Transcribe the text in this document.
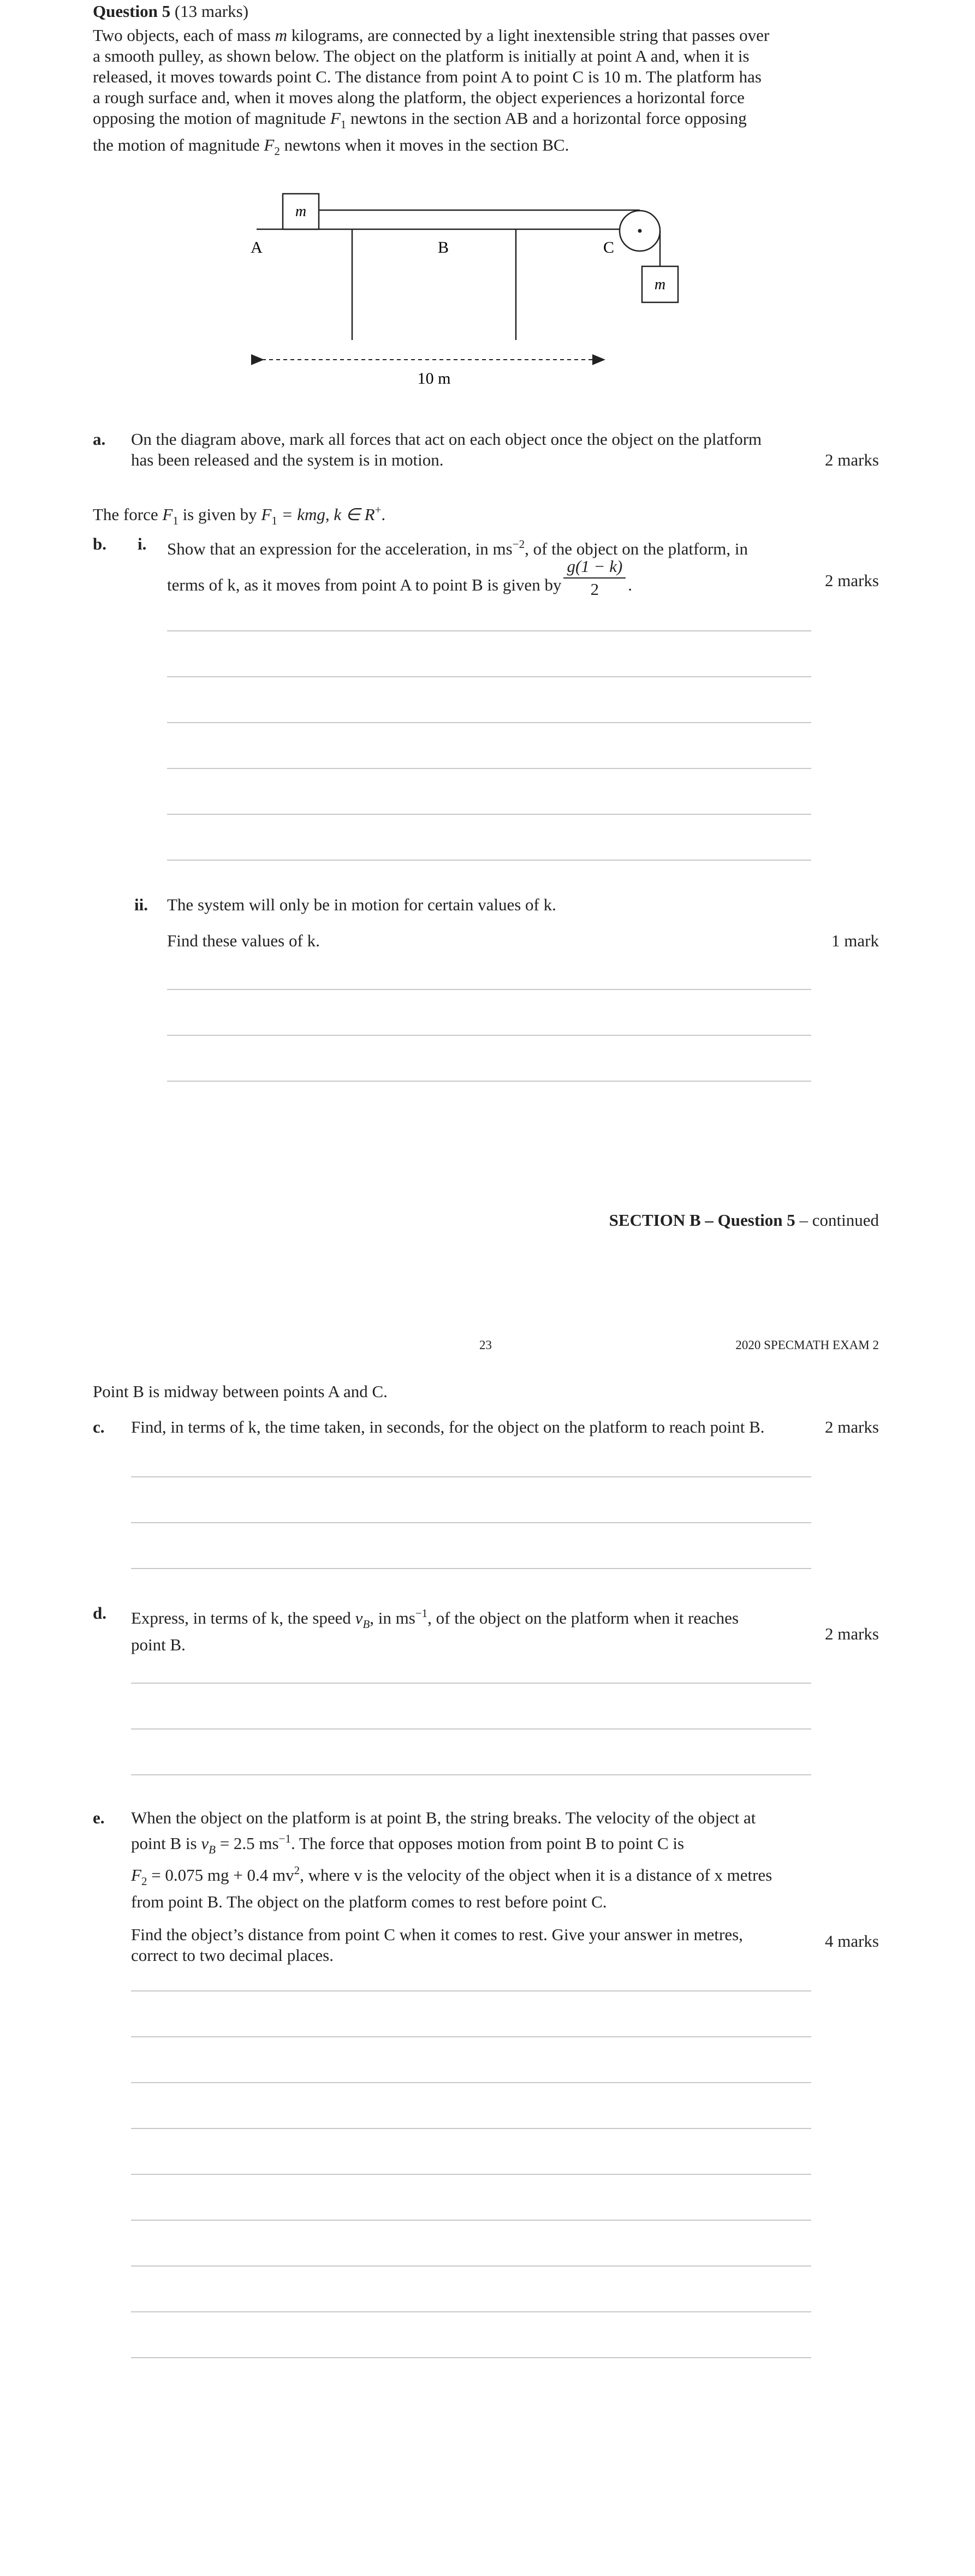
Question 5 (13 marks)
Two objects, each of mass m kilograms, are connected by a light inextensible string that passes over
a smooth pulley, as shown below. The object on the platform is initially at point A and, when it is
released, it moves towards point C. The distance from point A to point C is 10 m. The platform has
a rough surface and, when it moves along the platform, the object experiences a horizontal force
opposing the motion of magnitude $F_1$ newtons in the section AB and a horizontal force opposing
the motion of magnitude $F_2$ newtons when it moves in the section BC.
m
m
A	B	C
10 m
a. On the diagram above, mark all forces that act on each object once the object on the platform
has been released and the system is in motion.	2 marks
The force $F_1$ is given by $F_1$ = kmg, k ∈ R+.
b. i. Show that an expression for the acceleration, in $ms^{-2}$, of the object on the platform, in
terms of k, as it moves from point A to point B is given by $\frac{g(1 - k)}{2}$ .	2 marks
ii. The system will only be in motion for certain values of k.
Find these values of k.	1 mark
SECTION B – Question 5 – continued
23	2020 SPECMATH EXAM 2
Point B is midway between points A and C.
c. Find, in terms of k, the time taken, in seconds, for the object on the platform to reach point B.	2 marks
d. Express, in terms of k, the speed $v_B$, in $ms^{-1}$, of the object on the platform when it reaches
point B.
2 marks
e. When the object on the platform is at point B, the string breaks. The velocity of the object at
point B is $v_B = 2.5$ $ms^{-1}$. The force that opposes motion from point B to point C is
$F_2 = 0.075$ mg + 0.4 $mv^2$, where v is the velocity of the object when it is a distance of x metres
from point B. The object on the platform comes to rest before point C.
Find the object’s distance from point C when it comes to rest. Give your answer in metres,
correct to two decimal places.
4 marks
